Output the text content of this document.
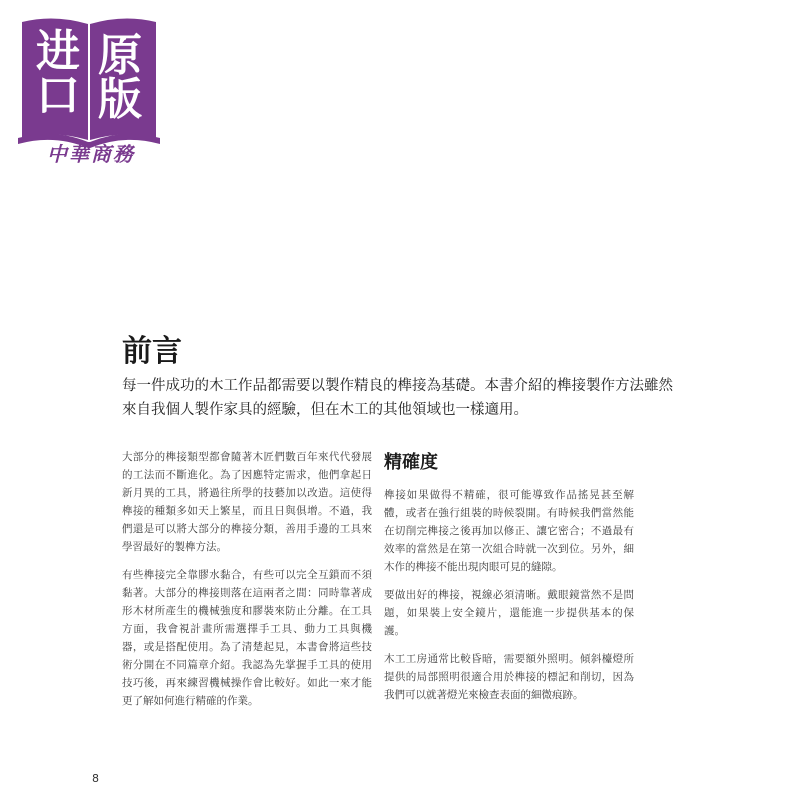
进 原
口 版
中華商務
前言

每一件成功的木工作品都需要以製作精良的榫接為基礎。本書介紹的榫接製作方法雖然來自我個人製作家具的經驗，但在木工的其他領域也一樣適用。

大部分的榫接類型都會隨著木匠們數百年來代代發展的工法而不斷進化。為了因應特定需求，他們拿起日新月異的工具，將過往所學的技藝加以改造。這使得榫接的種類多如天上繁星，而且日與俱增。不過，我們還是可以將大部分的榫接分類，善用手邊的工具來學習最好的製榫方法。

有些榫接完全靠膠水黏合，有些可以完全互鎖而不須黏著。大部分的榫接則落在這兩者之間：同時靠著成形木材所產生的機械強度和膠裝來防止分離。在工具方面，我會視計畫所需選擇手工具、動力工具與機器，或是搭配使用。為了清楚起見，本書會將這些技術分開在不同篇章介紹。我認為先掌握手工具的使用技巧後，再來練習機械操作會比較好。如此一來才能更了解如何進行精確的作業。

精確度

榫接如果做得不精確，很可能導致作品搖晃甚至解體，或者在強行組裝的時候裂開。有時候我們當然能在切削完榫接之後再加以修正、讓它密合；不過最有效率的當然是在第一次組合時就一次到位。另外，細木作的榫接不能出現肉眼可見的縫隙。

要做出好的榫接，視線必須清晰。戴眼鏡當然不是問題，如果裝上安全鏡片，還能進一步提供基本的保護。

木工工房通常比較昏暗，需要額外照明。傾斜檯燈所提供的局部照明很適合用於榫接的標記和削切，因為我們可以就著燈光來檢查表面的細微痕跡。

8
